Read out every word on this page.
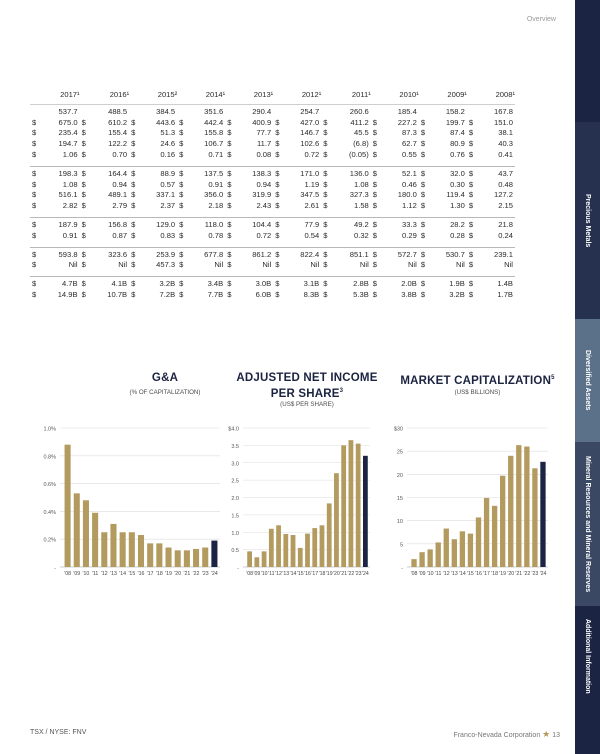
Overview
Precious Metals
Diversified Assets
Mineral Resources and Mineral Reserves
Additional Information
	2017¹		2016¹		2015²		2014¹		2013¹		2012¹		2011¹		2010¹		2009¹		2008¹	
		537.7		488.5		384.5		351.6		290.4		254.7		260.6		185.4		158.2		167.8
	$	675.0	$	610.2	$	443.6	$	442.4	$	400.9	$	427.0	$	411.2	$	227.2	$	199.7	$	151.0
	$	235.4	$	155.4	$	51.3	$	155.8	$	77.7	$	146.7	$	45.5	$	87.3	$	87.4	$	38.1
	$	194.7	$	122.2	$	24.6	$	106.7	$	11.7	$	102.6	$	(6.8)	$	62.7	$	80.9	$	40.3
	$	1.06	$	0.70	$	0.16	$	0.71	$	0.08	$	0.72	$	(0.05)	$	0.55	$	0.76	$	0.41

	$	198.3	$	164.4	$	88.9	$	137.5	$	138.3	$	171.0	$	136.0	$	52.1	$	32.0	$	43.7
	$	1.08	$	0.94	$	0.57	$	0.91	$	0.94	$	1.19	$	1.08	$	0.46	$	0.30	$	0.48
	$	516.1	$	489.1	$	337.1	$	356.0	$	319.9	$	347.5	$	327.3	$	180.0	$	119.4	$	127.2
	$	2.82	$	2.79	$	2.37	$	2.18	$	2.43	$	2.61	$	1.58	$	1.12	$	1.30	$	2.15

	$	187.9	$	156.8	$	129.0	$	118.0	$	104.4	$	77.9	$	49.2	$	33.3	$	28.2	$	21.8
	$	0.91	$	0.87	$	0.83	$	0.78	$	0.72	$	0.54	$	0.32	$	0.29	$	0.28	$	0.24

	$	593.8	$	323.6	$	253.9	$	677.8	$	861.2	$	822.4	$	851.1	$	572.7	$	530.7	$	239.1
	$	Nil	$	Nil	$	457.3	$	Nil	$	Nil	$	Nil	$	Nil	$	Nil	$	Nil	$	Nil

	$	4.7B	$	4.1B	$	3.2B	$	3.4B	$	3.0B	$	3.1B	$	2.8B	$	2.0B	$	1.9B	$	1.4B
	$	14.9B	$	10.7B	$	7.2B	$	7.7B	$	6.0B	$	8.3B	$	5.3B	$	3.8B	$	3.2B	$	1.7B
G&A
(% OF CAPITALIZATION)
-
0.2%
0.4%
0.6%
0.8%
1.0%
'08 '09 '10 '11 '12 '13 '14 '15 '16 '17 '18 '19 '20 '21 '22 '23 '24
ADJUSTED NET INCOME
PER SHARE$^3$
(US$ PER SHARE)
-
0.5
1.0
1.5
2.0
2.5
3.0
3.5
$4.0
'08 '09 '10 '11 '12 '13 '14 '15 '16 '17 '18 '19 '20 '21 '22 '23 '24
MARKET CAPITALIZATION$^5$
(US$ BILLIONS)
-
5
10
15
20
25
$30
'08 '09 '10 '11 '12 '13 '14 '15 '16 '17 '18 '19 '20 '21 '22 '23 '24
TSX / NYSE: FNV	Franco-Nevada Corporation ★ 13
